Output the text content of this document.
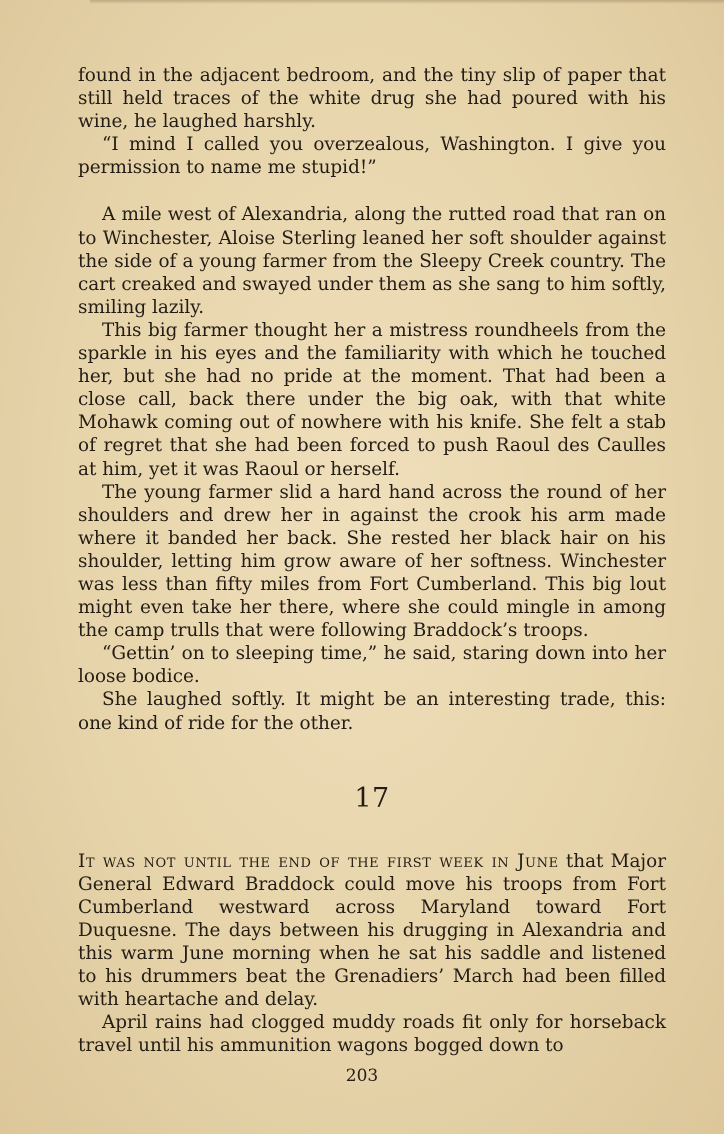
found in the adjacent bedroom, and the tiny slip of paper that still held traces of the white drug she had poured with his wine, he laughed harshly.

“I mind I called you overzealous, Washington. I give you permission to name me stupid!”

A mile west of Alexandria, along the rutted road that ran on to Winchester, Aloise Sterling leaned her soft shoulder against the side of a young farmer from the Sleepy Creek country. The cart creaked and swayed under them as she sang to him softly, smiling lazily.

This big farmer thought her a mistress roundheels from the sparkle in his eyes and the familiarity with which he touched her, but she had no pride at the moment. That had been a close call, back there under the big oak, with that white Mohawk coming out of nowhere with his knife. She felt a stab of regret that she had been forced to push Raoul des Caulles at him, yet it was Raoul or herself.

The young farmer slid a hard hand across the round of her shoulders and drew her in against the crook his arm made where it banded her back. She rested her black hair on his shoulder, letting him grow aware of her softness. Winchester was less than fifty miles from Fort Cumberland. This big lout might even take her there, where she could mingle in among the camp trulls that were following Braddock’s troops.

“Gettin’ on to sleeping time,” he said, staring down into her loose bodice.

She laughed softly. It might be an interesting trade, this: one kind of ride for the other.

17

It was not until the end of the first week in June that Major General Edward Braddock could move his troops from Fort Cumberland westward across Maryland toward Fort Duquesne. The days between his drugging in Alexandria and this warm June morning when he sat his saddle and listened to his drummers beat the Grenadiers’ March had been filled with heartache and delay.

April rains had clogged muddy roads fit only for horseback travel until his ammunition wagons bogged down to

203
